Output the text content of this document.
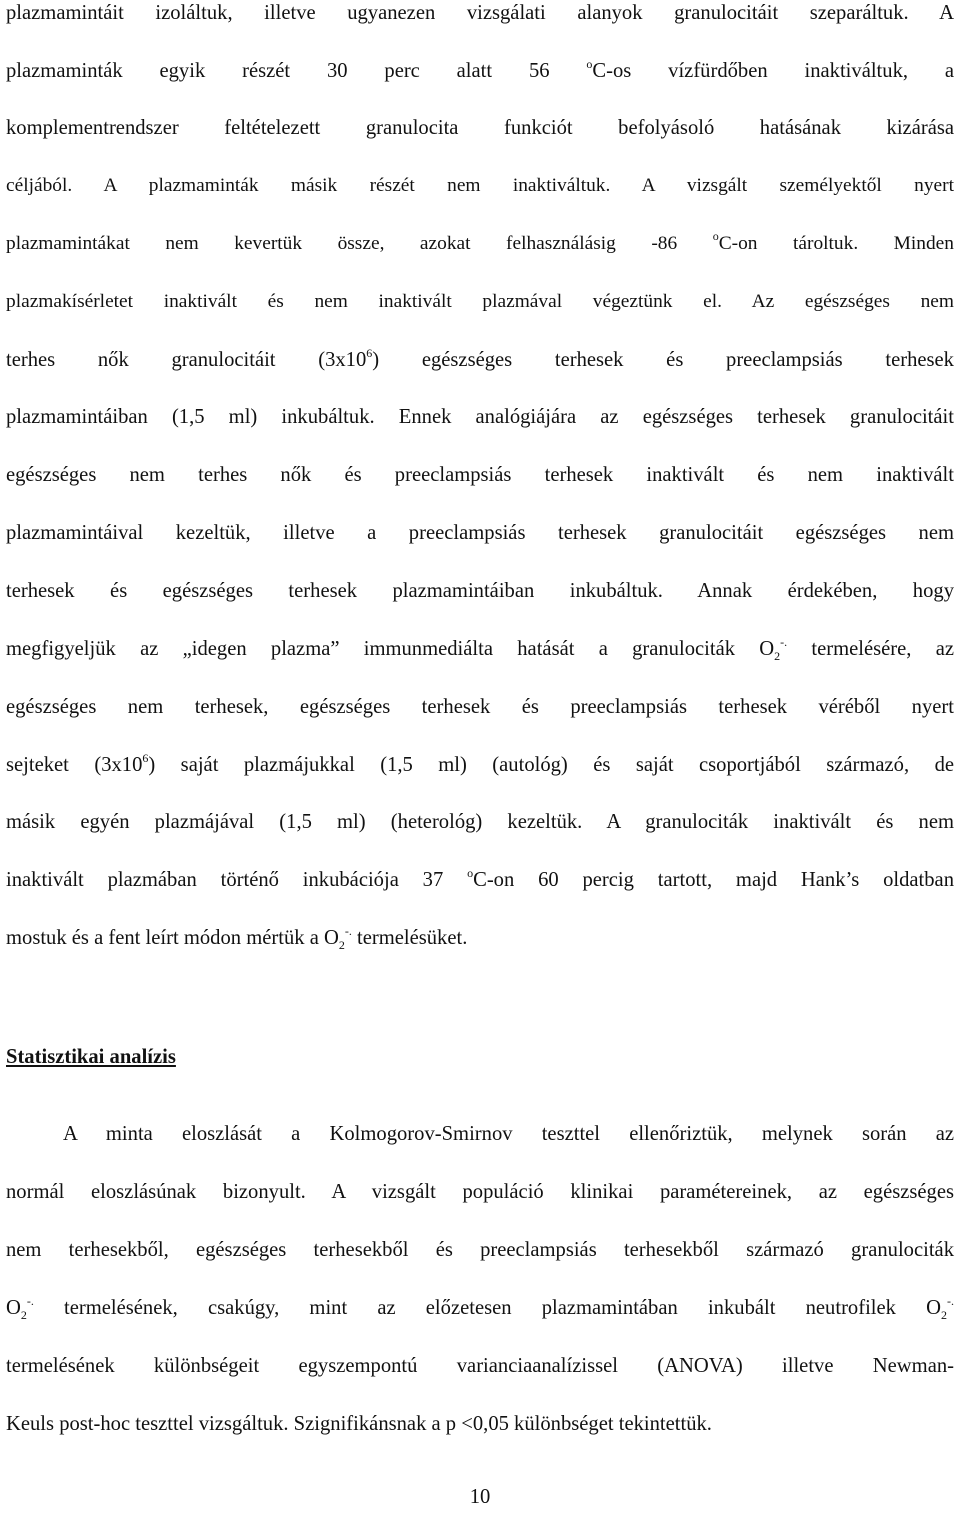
plazmamintáit izoláltuk, illetve ugyanezen vizsgálati alanyok granulocitáit szeparáltuk. A
plazmaminták egyik részét 30 perc alatt 56 $^o$C-os vízfürdőben inaktiváltuk, a
komplementrendszer feltételezett granulocita funkciót befolyásoló hatásának kizárása
céljából. A plazmaminták másik részét nem inaktiváltuk. A vizsgált személyektől nyert
plazmamintákat nem kevertük össze, azokat felhasználásig -86 $^o$C-on tároltuk. Minden
plazmakísérletet inaktivált és nem inaktivált plazmával végeztünk el. Az egészséges nem
terhes nők granulocitáit $(3x10^6)$ egészséges terhesek és preeclampsiás terhesek
plazmamintáiban (1,5 ml) inkubáltuk. Ennek analógiájára az egészséges terhesek granulocitáit
egészséges nem terhes nők és preeclampsiás terhesek inaktivált és nem inaktivált
plazmamintáival kezeltük, illetve a preeclampsiás terhesek granulocitáit egészséges nem
terhesek és egészséges terhesek plazmamintáiban inkubáltuk. Annak érdekében, hogy
megfigyeljük az „idegen plazma” immunmediálta hatását a granulociták $O_2^{-.}$ termelésére, az
egészséges nem terhesek, egészséges terhesek és preeclampsiás terhesek véréből nyert
sejteket $(3x10^6)$ saját plazmájukkal (1,5 ml) (autológ) és saját csoportjából származó, de
másik egyén plazmájával (1,5 ml) (heterológ) kezeltük. A granulociták inaktivált és nem
inaktivált plazmában történő inkubációja 37 $^o$C-on 60 percig tartott, majd Hank’s oldatban
mostuk és a fent leírt módon mértük a $O_2^{-.}$ termelésüket.
Statisztikai analízis
A minta eloszlását a Kolmogorov-Smirnov teszttel ellenőriztük, melynek során az
normál eloszlásúnak bizonyult. A vizsgált populáció klinikai paramétereinek, az egészséges
nem terhesekből, egészséges terhesekből és preeclampsiás terhesekből származó granulociták
$O_2^{-.}$ termelésének, csakúgy, mint az előzetesen plazmamintában inkubált neutrofilek $O_2^{-.}$
termelésének különbségeit egyszempontú varianciaanalízissel (ANOVA) illetve Newman-
Keuls post-hoc teszttel vizsgáltuk. Szignifikánsnak a p <0,05 különbséget tekintettük.
10
